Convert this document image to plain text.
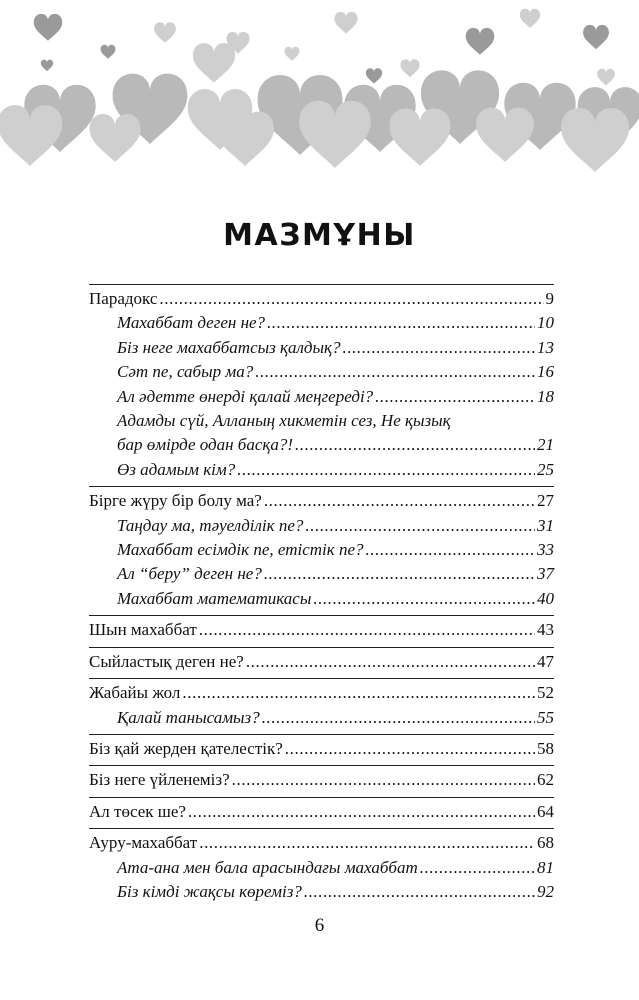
МАЗМҰНЫ
Парадокс .....	9
Махаббат деген не? .....	10
Біз неге махаббатсыз қалдық? .....	13
Сәт пе, сабыр ма? .....	16
Ал әдетте өнерді қалай меңгереді? .....	18
Адамды сүй, Алланың хикметін сез, Не қызық
бар өмірде одан басқа?! .....	21
Өз адамым кім? .....	25
Бірге жүру бір болу ма? .....	27
Таңдау ма, тәуелділік пе? .....	31
Махаббат есімдік пе, етістік пе? .....	33
Ал “беру” деген не? .....	37
Махаббат математикасы .....	40
Шын махаббат .....	43
Сыйластық деген не? .....	47
Жабайы жол .....	52
Қалай танысамыз? .....	55
Біз қай жерден қателестік? .....	58
Біз неге үйленеміз? .....	62
Ал төсек ше? .....	64
Ауру-махаббат .....	68
Ата-ана мен бала арасындағы махаббат .....	81
Біз кімді жақсы көреміз? .....	92
6
